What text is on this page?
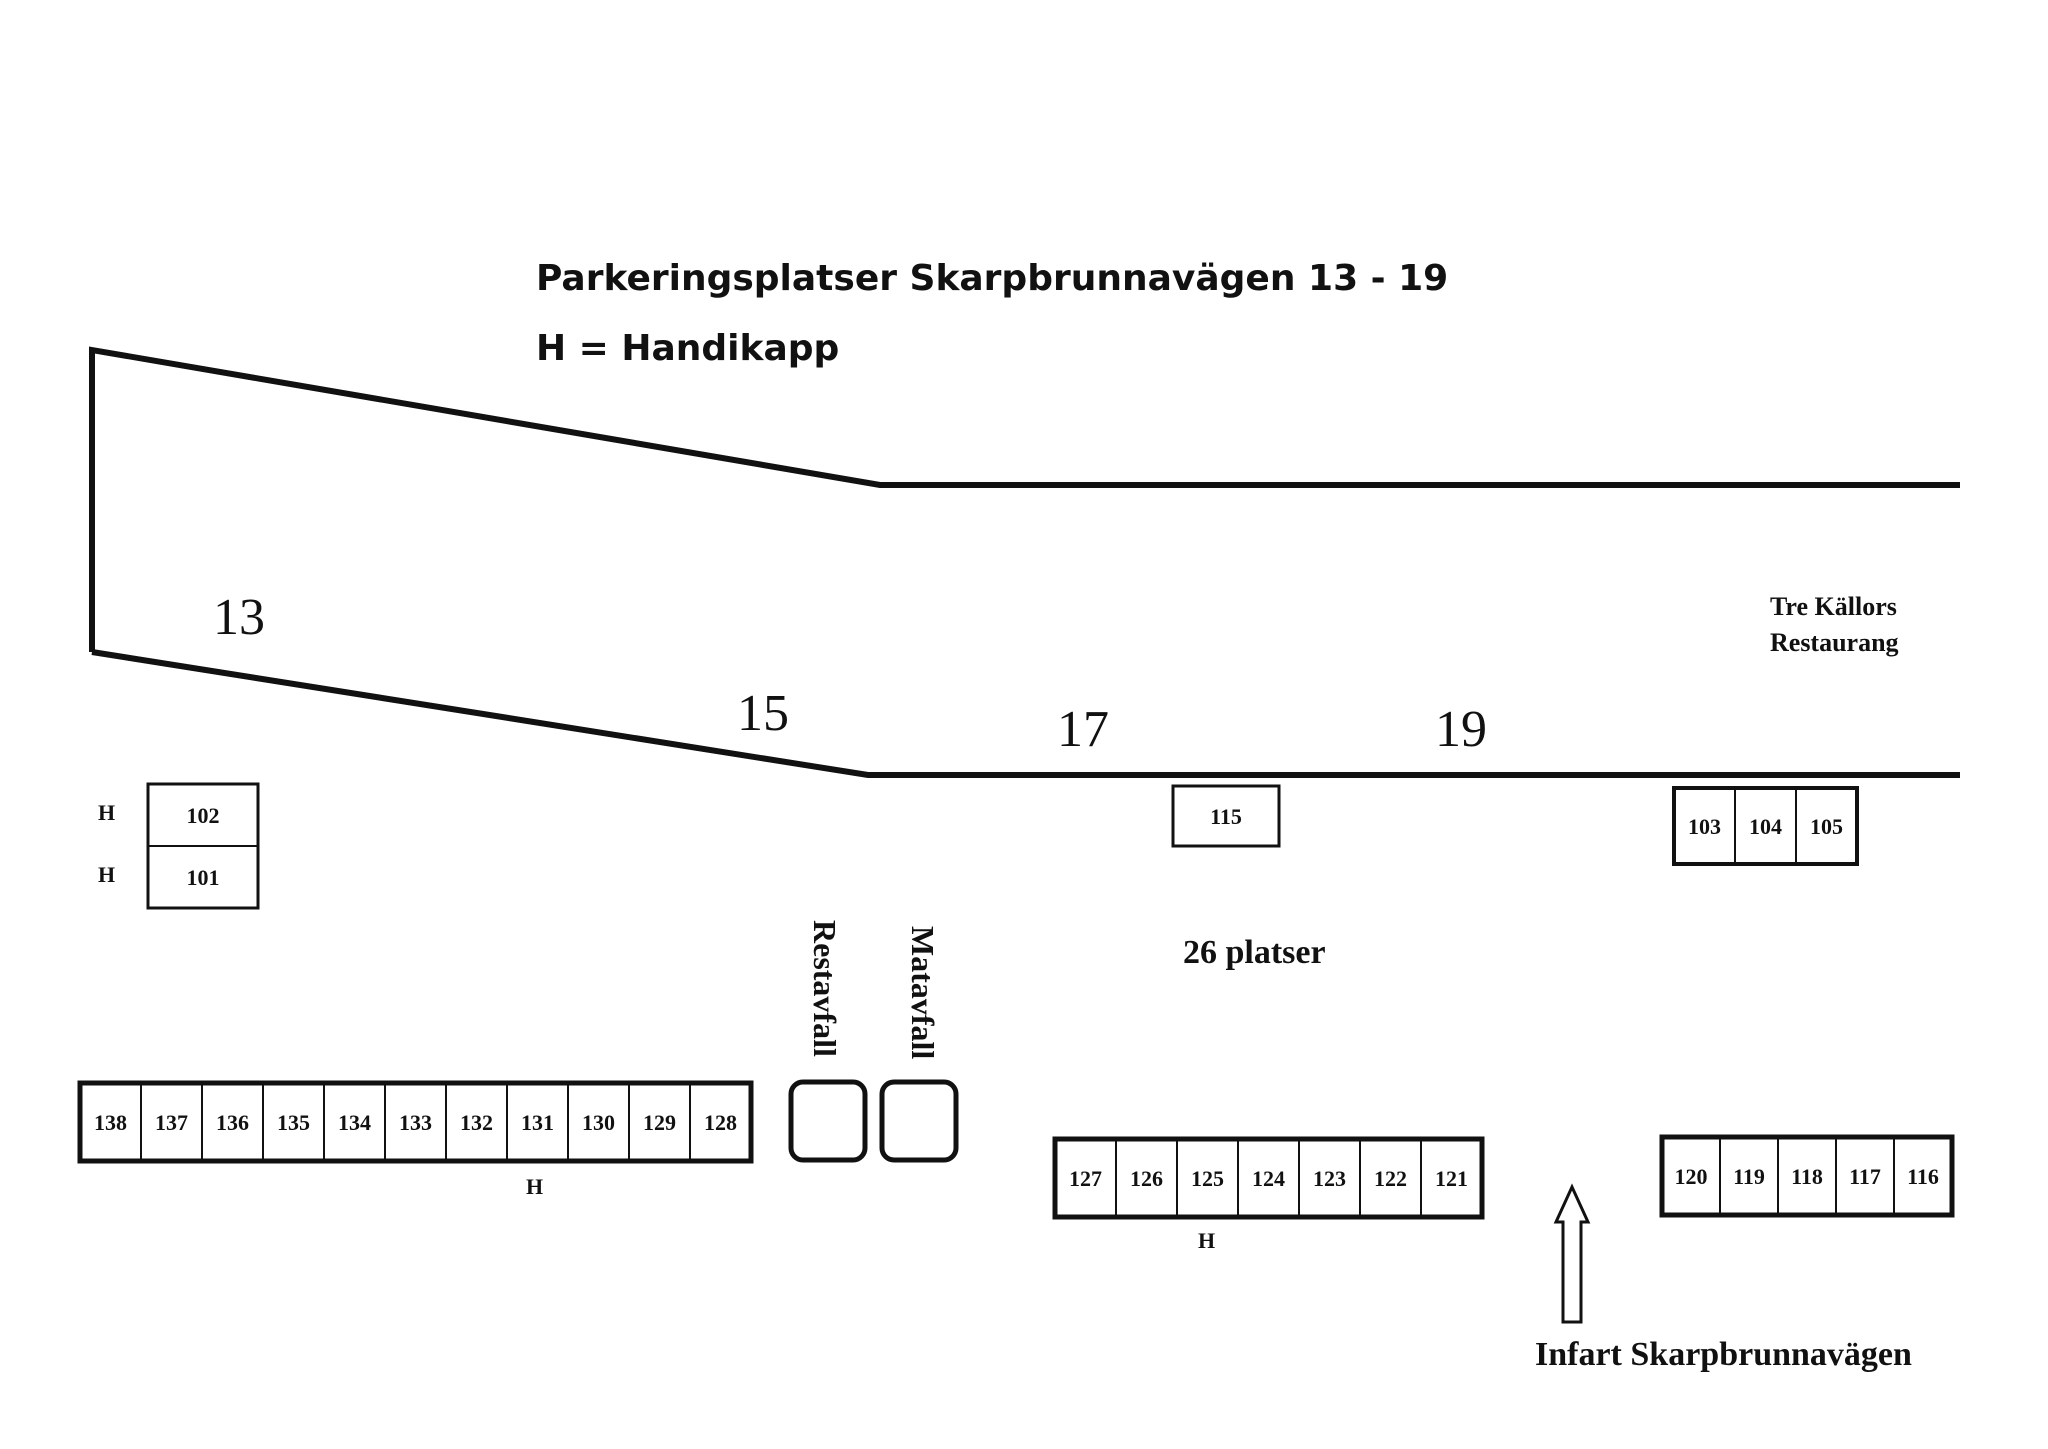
102
101
115	103 104 105
138 137 136 135 134 133 132 131 130 129 128
127 126 125 124 123 122 121	120 119 118 117 116
Parkeringsplatser Skarpbrunnavägen 13 - 19
H = Handikapp
13
15	17	19
Tre Källors
Restaurang
H
H
H
H
26 platser
Restavfall Matavfall
Infart Skarpbrunnavägen
